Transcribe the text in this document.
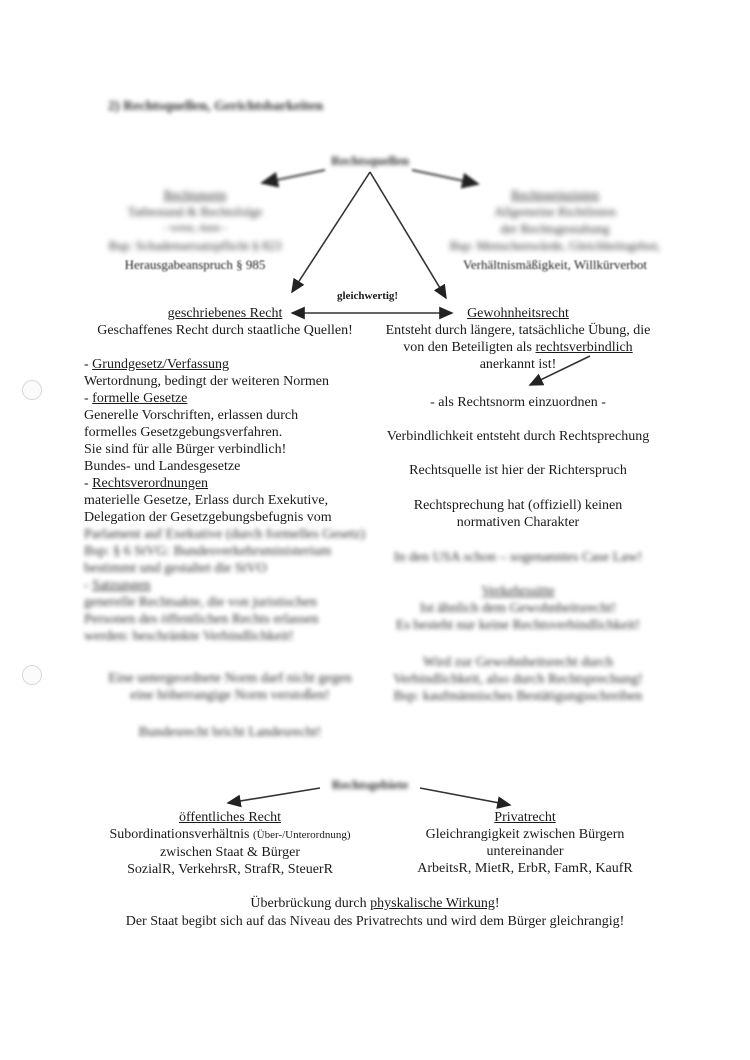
2) Rechtsquellen, Gerichtsbarkeiten
Rechtsquellen
Rechtsnorm
Tatbestand & Rechtsfolge
- wenn, dann -
Bsp: Schadensersatzpflicht § 823
Herausgabeanspruch § 985
Rechtsprinzipien
Allgemeine Richtlinien
der Rechtsgestaltung
Bsp: Menschenwürde, Gleichheitsgebot,
Verhältnismäßigkeit, Willkürverbot
gleichwertig!
geschriebenes Recht
Geschaffenes Recht durch staatliche Quellen!
- Grundgesetz/Verfassung
Wertordnung, bedingt der weiteren Normen
- formelle Gesetze
Generelle Vorschriften, erlassen durch
formelles Gesetzgebungsverfahren.
Sie sind für alle Bürger verbindlich!
Bundes- und Landesgesetze
- Rechtsverordnungen
materielle Gesetze, Erlass durch Exekutive,
Delegation der Gesetzgebungsbefugnis vom
Parlament auf Exekutive (durch formelles Gesetz)
Bsp: § 6 StVG: Bundesverkehrsministerium
bestimmt und gestaltet die StVO
- Satzungen
generelle Rechtsakte, die von juristischen
Personen des öffentlichen Rechts erlassen
werden: beschränkte Verbindlichkeit!
Eine untergeordnete Norm darf nicht gegen
eine höherrangige Norm verstoßen!
Bundesrecht bricht Landesrecht!
Gewohnheitsrecht
Entsteht durch längere, tatsächliche Übung, die
von den Beteiligten als rechtsverbindlich
anerkannt ist!
- als Rechtsnorm einzuordnen -
Verbindlichkeit entsteht durch Rechtsprechung
Rechtsquelle ist hier der Richterspruch
Rechtsprechung hat (offiziell) keinen
normativen Charakter
In den USA schon – sogenanntes Case Law!
Verkehrssitte
Ist ähnlich dem Gewohnheitsrecht!
Es besteht nur keine Rechtsverbindlichkeit!
Wird zur Gewohnheitsrecht durch
Verbindlichkeit, also durch Rechtsprechung!
Bsp: kaufmännisches Bestätigungsschreiben
Rechtsgebiete
öffentliches Recht
Subordinationsverhältnis (Über-/Unterordnung)
zwischen Staat & Bürger
SozialR, VerkehrsR, StrafR, SteuerR
Privatrecht
Gleichrangigkeit zwischen Bürgern
untereinander
ArbeitsR, MietR, ErbR, FamR, KaufR
Überbrückung durch physkalische Wirkung!
Der Staat begibt sich auf das Niveau des Privatrechts und wird dem Bürger gleichrangig!
